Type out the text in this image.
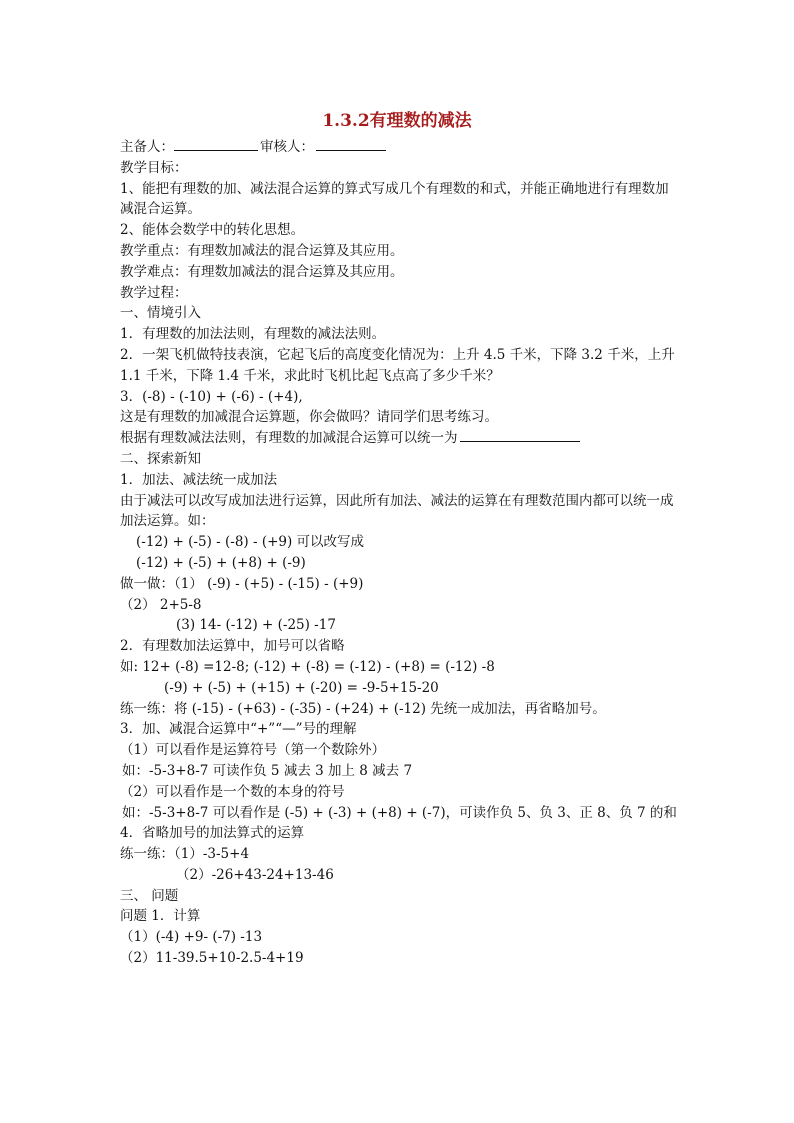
1.3.2有理数的减法
主备人：	审核人：
教学目标：
1、能把有理数的加、减法混合运算的算式写成几个有理数的和式，并能正确地进行有理数加减混合运算。
2、能体会数学中的转化思想。
教学重点：有理数加减法的混合运算及其应用。
教学难点：有理数加减法的混合运算及其应用。
教学过程：
一、情境引入
1．有理数的加法法则，有理数的减法法则。
2．一架飞机做特技表演，它起飞后的高度变化情况为：上升 4.5 千米，下降 3.2 千米，上升 1.1 千米，下降 1.4 千米，求此时飞机比起飞点高了多少千米？
3．(-8) - (-10) + (-6) - (+4),
这是有理数的加减混合运算题，你会做吗？请同学们思考练习。
根据有理数减法法则，有理数的加减混合运算可以统一为
二、探索新知
1．加法、减法统一成加法
由于减法可以改写成加法进行运算，因此所有加法、减法的运算在有理数范围内都可以统一成加法运算。如：
(-12) + (-5) - (-8) - (+9) 可以改写成
(-12) + (-5) + (+8) + (-9)
做一做：（1） (-9) - (+5) - (-15) - (+9)
（2） 2+5-8
(3) 14- (-12) + (-25) -17
2．有理数加法运算中，加号可以省略
如: 12+ (-8) =12-8; (-12) + (-8) = (-12) - (+8) = (-12) -8
(-9) + (-5) + (+15) + (-20) = -9-5+15-20
练一练：将 (-15) - (+63) - (-35) - (+24) + (-12) 先统一成加法，再省略加号。
3．加、减混合运算中“+”“—”号的理解
（1）可以看作是运算符号（第一个数除外）
如：-5-3+8-7 可读作负 5 减去 3 加上 8 减去 7
（2）可以看作是一个数的本身的符号
如：-5-3+8-7 可以看作是 (-5) + (-3) + (+8) + (-7)，可读作负 5、负 3、正 8、负 7 的和
4．省略加号的加法算式的运算
练一练：（1）-3-5+4
（2）-26+43-24+13-46
三、 问题
问题 1．计算
（1）(-4) +9- (-7) -13
（2）11-39.5+10-2.5-4+19
